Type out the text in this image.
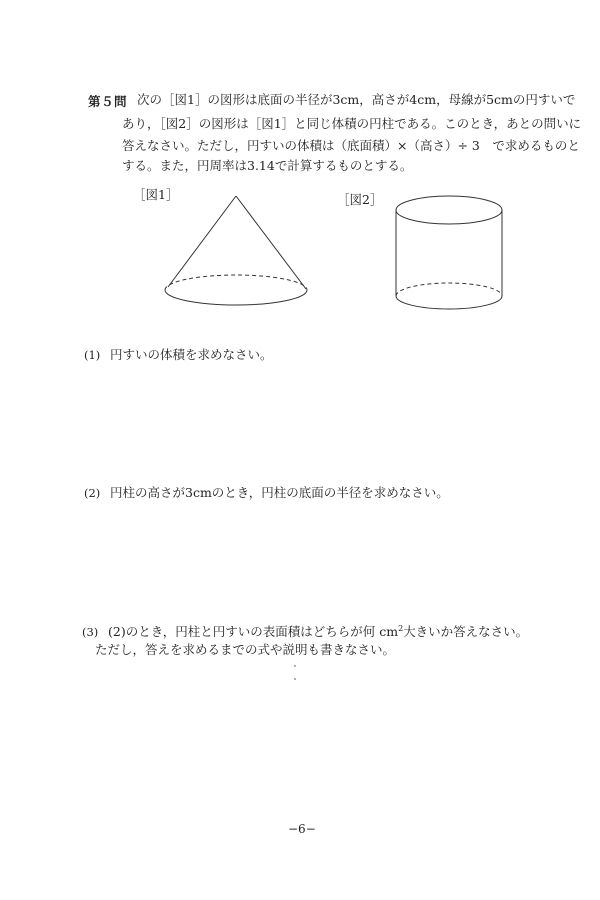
第５問 次の［図1］の図形は底面の半径が3cm，高さが4cm，母線が5cmの円すいで
あり，［図2］の図形は［図1］と同じ体積の円柱である。このとき，あとの問いに
答えなさい。ただし，円すいの体積は（底面積）×（高さ）÷ 3　で求めるものと
する。また，円周率は3.14で計算するものとする。
［図1］	［図2］
(1) 円すいの体積を求めなさい。
(2) 円柱の高さが3cmのとき，円柱の底面の半径を求めなさい。
(3) (2)のとき，円柱と円すいの表面積はどちらが何 $cm^2$大きいか答えなさい。
ただし，答えを求めるまでの式や説明も書きなさい。
−6−
